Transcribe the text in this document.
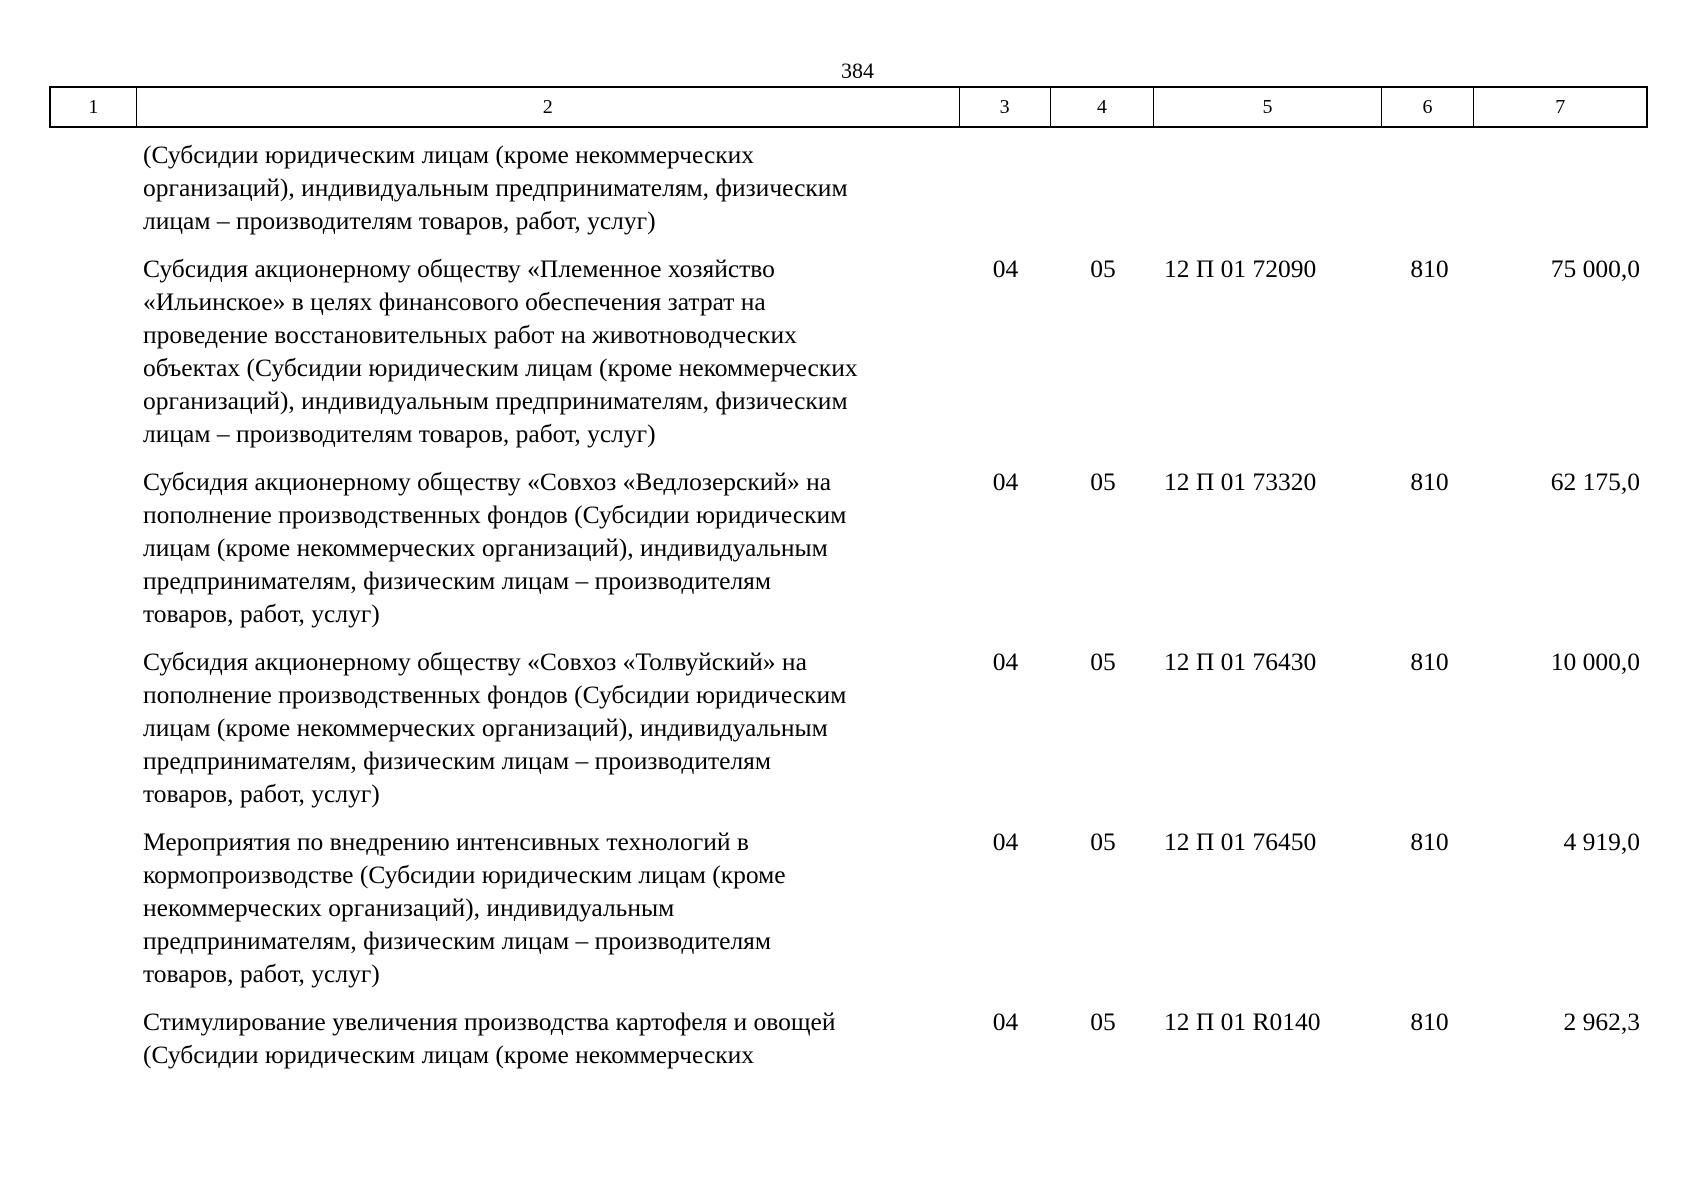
384
1	2	3	4	5	6	7
(Субсидии юридическим лицам (кроме некоммерческих
организаций), индивидуальным предпринимателям, физическим
лицам – производителям товаров, работ, услуг)
Субсидия акционерному обществу «Племенное хозяйство
«Ильинское» в целях финансового обеспечения затрат на
проведение восстановительных работ на животноводческих
объектах (Субсидии юридическим лицам (кроме некоммерческих
организаций), индивидуальным предпринимателям, физическим
лицам – производителям товаров, работ, услуг)
04	05	12 П 01 72090	810	75 000,0
Субсидия акционерному обществу «Совхоз «Ведлозерский» на
пополнение производственных фондов (Субсидии юридическим
лицам (кроме некоммерческих организаций), индивидуальным
предпринимателям, физическим лицам – производителям
товаров, работ, услуг)
04	05	12 П 01 73320	810	62 175,0
Субсидия акционерному обществу «Совхоз «Толвуйский» на
пополнение производственных фондов (Субсидии юридическим
лицам (кроме некоммерческих организаций), индивидуальным
предпринимателям, физическим лицам – производителям
товаров, работ, услуг)
04	05	12 П 01 76430	810	10 000,0
Мероприятия по внедрению интенсивных технологий в
кормопроизводстве (Субсидии юридическим лицам (кроме
некоммерческих организаций), индивидуальным
предпринимателям, физическим лицам – производителям
товаров, работ, услуг)
04	05	12 П 01 76450	810	4 919,0
Стимулирование увеличения производства картофеля и овощей
(Субсидии юридическим лицам (кроме некоммерческих
04	05	12 П 01 R0140	810	2 962,3
